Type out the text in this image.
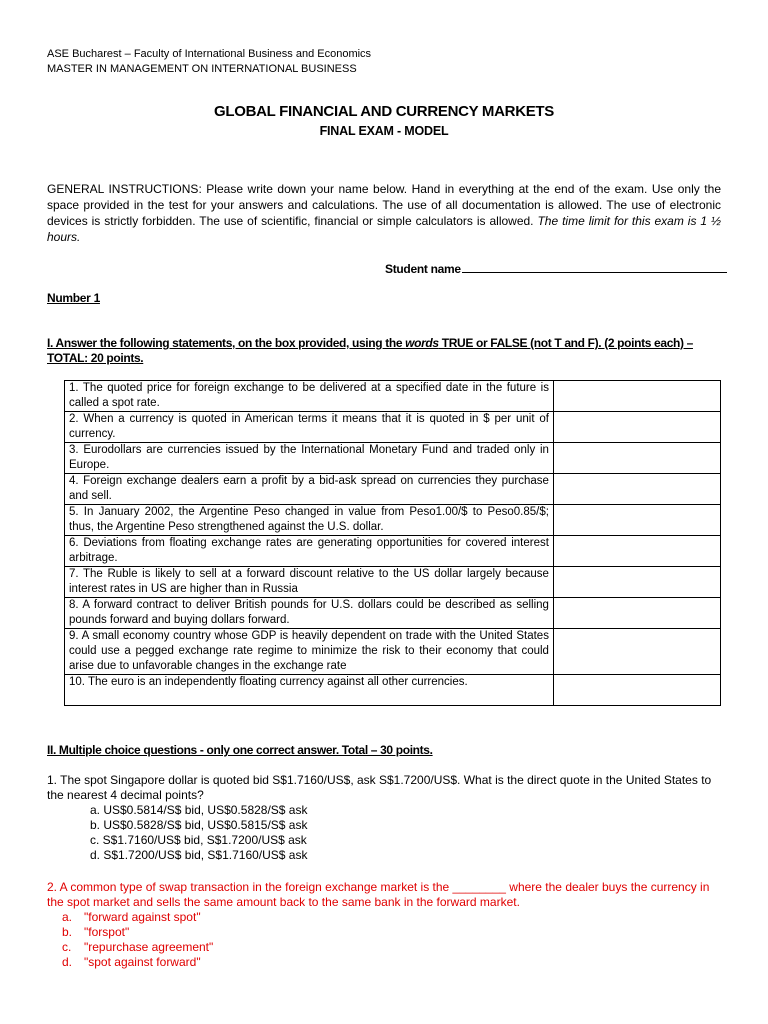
ASE Bucharest – Faculty of International Business and Economics
MASTER IN MANAGEMENT ON INTERNATIONAL BUSINESS
GLOBAL FINANCIAL AND CURRENCY MARKETS
FINAL EXAM - MODEL
GENERAL INSTRUCTIONS: Please write down your name below. Hand in everything at the end of the exam. Use only the space provided in the test for your answers and calculations. The use of all documentation is allowed. The use of electronic devices is strictly forbidden. The use of scientific, financial or simple calculators is allowed. The time limit for this exam is 1 ½ hours.
Student name
Number 1
I. Answer the following statements, on the box provided, using the words TRUE or FALSE (not T and F). (2 points each) – TOTAL: 20 points.
1. The quoted price for foreign exchange to be delivered at a specified date in the future is called a spot rate.	
2. When a currency is quoted in American terms it means that it is quoted in $ per unit of currency.	
3. Eurodollars are currencies issued by the International Monetary Fund and traded only in Europe.	
4. Foreign exchange dealers earn a profit by a bid-ask spread on currencies they purchase and sell.	
5. In January 2002, the Argentine Peso changed in value from Peso1.00/$ to Peso0.85/$; thus, the Argentine Peso strengthened against the U.S. dollar.	
6. Deviations from floating exchange rates are generating opportunities for covered interest arbitrage.	
7. The Ruble is likely to sell at a forward discount relative to the US dollar largely because interest rates in US are higher than in Russia	
8. A forward contract to deliver British pounds for U.S. dollars could be described as selling pounds forward and buying dollars forward.	
9. A small economy country whose GDP is heavily dependent on trade with the United States could use a pegged exchange rate regime to minimize the risk to their economy that could arise due to unfavorable changes in the exchange rate	
10. The euro is an independently floating currency against all other currencies.	
II. Multiple choice questions - only one correct answer. Total – 30 points.
1. The spot Singapore dollar is quoted bid S$1.7160/US$, ask S$1.7200/US$. What is the direct quote in the United States to the nearest 4 decimal points?
a. US$0.5814/S$ bid, US$0.5828/S$ ask
b. US$0.5828/S$ bid, US$0.5815/S$ ask
c. S$1.7160/US$ bid, S$1.7200/US$ ask
d. S$1.7200/US$ bid, S$1.7160/US$ ask
2. A common type of swap transaction in the foreign exchange market is the ________ where the dealer buys the currency in the spot market and sells the same amount back to the same bank in the forward market.
a. "forward against spot"
b. "forspot"
c. "repurchase agreement"
d. "spot against forward"
